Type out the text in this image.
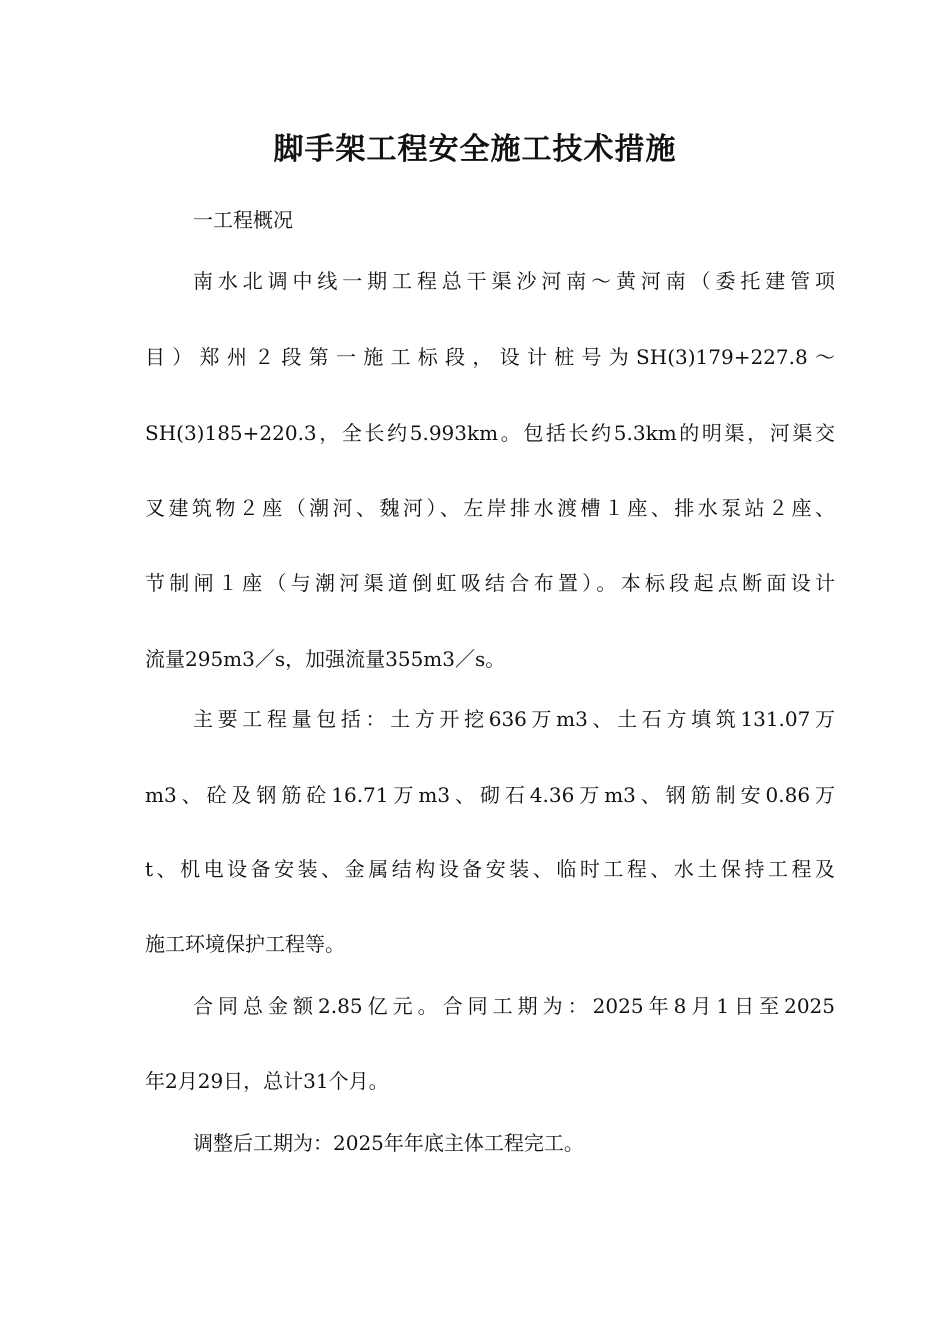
脚手架工程安全施工技术措施
一工程概况
南水北调中线一期工程总干渠沙河南～黄河南（委托建管项
目）郑州２段第一施工标段，设计桩号为SH(3)179+227.8～
SH(3)185+220.3，全长约5.993km。包括长约5.3km的明渠，河渠交
叉建筑物２座（潮河、魏河）、左岸排水渡槽１座、排水泵站２座、
节制闸１座（与潮河渠道倒虹吸结合布置）。本标段起点断面设计
流量295m3／s，加强流量355m3／s。
主要工程量包括：土方开挖636万m3、土石方填筑131.07万
m3、砼及钢筋砼16.71万m3、砌石4.36万m3、钢筋制安0.86万
t、机电设备安装、金属结构设备安装、临时工程、水土保持工程及
施工环境保护工程等。
合同总金额2.85亿元。合同工期为：2025年8月1日至2025
年2月29日，总计31个月。
调整后工期为：2025年年底主体工程完工。
